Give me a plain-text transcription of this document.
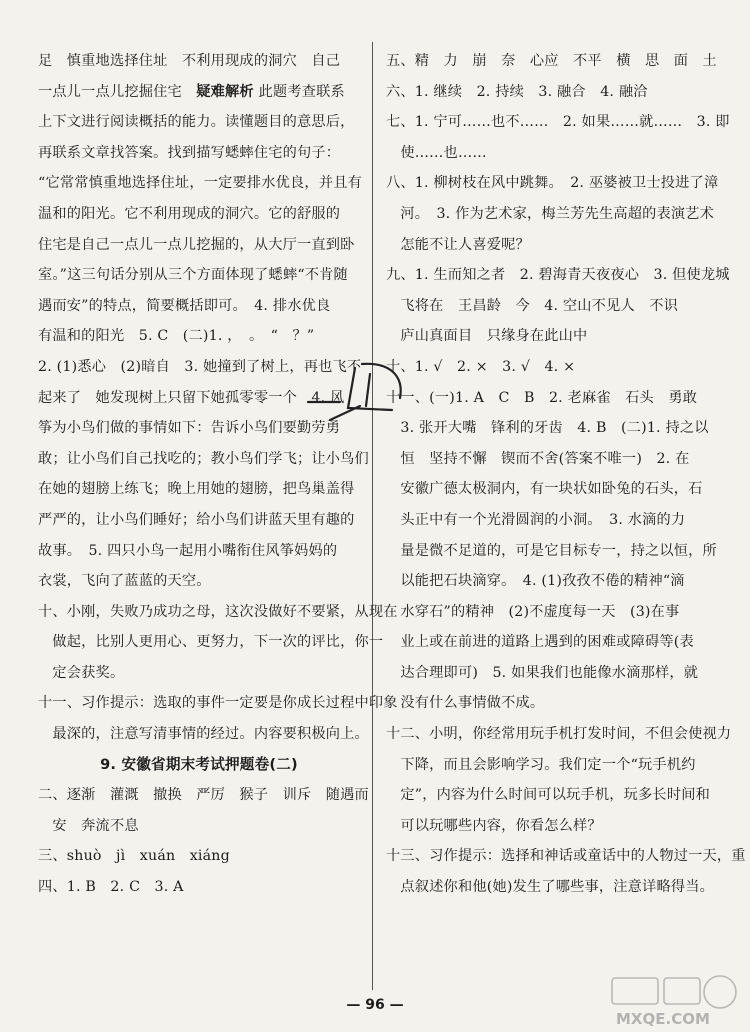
足　慎重地选择住址　不利用现成的洞穴　自己
一点儿一点儿挖掘住宅　疑难解析 此题考查联系
上下文进行阅读概括的能力。读懂题目的意思后，
再联系文章找答案。找到描写蟋蟀住宅的句子：
“它常常慎重地选择住址，一定要排水优良，并且有
温和的阳光。它不利用现成的洞穴。它的舒服的
住宅是自己一点儿一点儿挖掘的，从大厅一直到卧
室。”这三句话分别从三个方面体现了蟋蟀“不肯随
遇而安”的特点，简要概括即可。　4. 排水优良
有温和的阳光　5. C　(二)1. ，　。　“　？”
2. (1)悉心　(2)暗自　3. 她撞到了树上，再也飞不
起来了　她发现树上只留下她孤零零一个　4. 风
筝为小鸟们做的事情如下：告诉小鸟们要勤劳勇
敢；让小鸟们自己找吃的；教小鸟们学飞；让小鸟们
在她的翅膀上练飞；晚上用她的翅膀，把鸟巢盖得
严严的，让小鸟们睡好；给小鸟们讲蓝天里有趣的
故事。　5. 四只小鸟一起用小嘴衔住风筝妈妈的
衣裳，飞向了蓝蓝的天空。
十、小刚，失败乃成功之母，这次没做好不要紧，从现在
　做起，比别人更用心、更努力，下一次的评比，你一
　定会获奖。
十一、习作提示：选取的事件一定要是你成长过程中印象
　最深的，注意写清事情的经过。内容要积极向上。
9. 安徽省期末考试押题卷(二)
二、逐渐　灌溉　撤换　严厉　猴子　训斥　随遇而
　安　奔流不息
三、shuò　jì　xuán　xiáng
四、1. B　2. C　3. A
五、精　力　崩　奈　心应　不平　横　思　面　土
六、1. 继续　2. 持续　3. 融合　4. 融洽
七、1. 宁可……也不……　2. 如果……就……　3. 即
　使……也……
八、1. 柳树枝在风中跳舞。　2. 巫婆被卫士投进了漳
　河。　3. 作为艺术家，梅兰芳先生高超的表演艺术
　怎能不让人喜爱呢？
九、1. 生而知之者　2. 碧海青天夜夜心　3. 但使龙城
　飞将在　王昌龄　今　4. 空山不见人　不识
　庐山真面目　只缘身在此山中
十、1. √　2. ×　3. √　4. ×
十一、(一)1. A　C　B　2. 老麻雀　石头　勇敢
　3. 张开大嘴　锋利的牙齿　4. B　(二)1. 持之以
　恒　坚持不懈　锲而不舍(答案不唯一)　2. 在
　安徽广德太极洞内，有一块状如卧兔的石头，石
　头正中有一个光滑圆润的小洞。　3. 水滴的力
　量是微不足道的，可是它目标专一，持之以恒，所
　以能把石块滴穿。　4. (1)孜孜不倦的精神“滴
　水穿石”的精神　(2)不虚度每一天　(3)在事
　业上或在前进的道路上遇到的困难或障碍等(表
　达合理即可)　5. 如果我们也能像水滴那样，就
　没有什么事情做不成。
十二、小明，你经常用玩手机打发时间，不但会使视力
　下降，而且会影响学习。我们定一个“玩手机约
　定”，内容为什么时间可以玩手机，玩多长时间和
　可以玩哪些内容，你看怎么样？
十三、习作提示：选择和神话或童话中的人物过一天，重
　点叙述你和他(她)发生了哪些事，注意详略得当。
— 96 —
MXQE.COM
